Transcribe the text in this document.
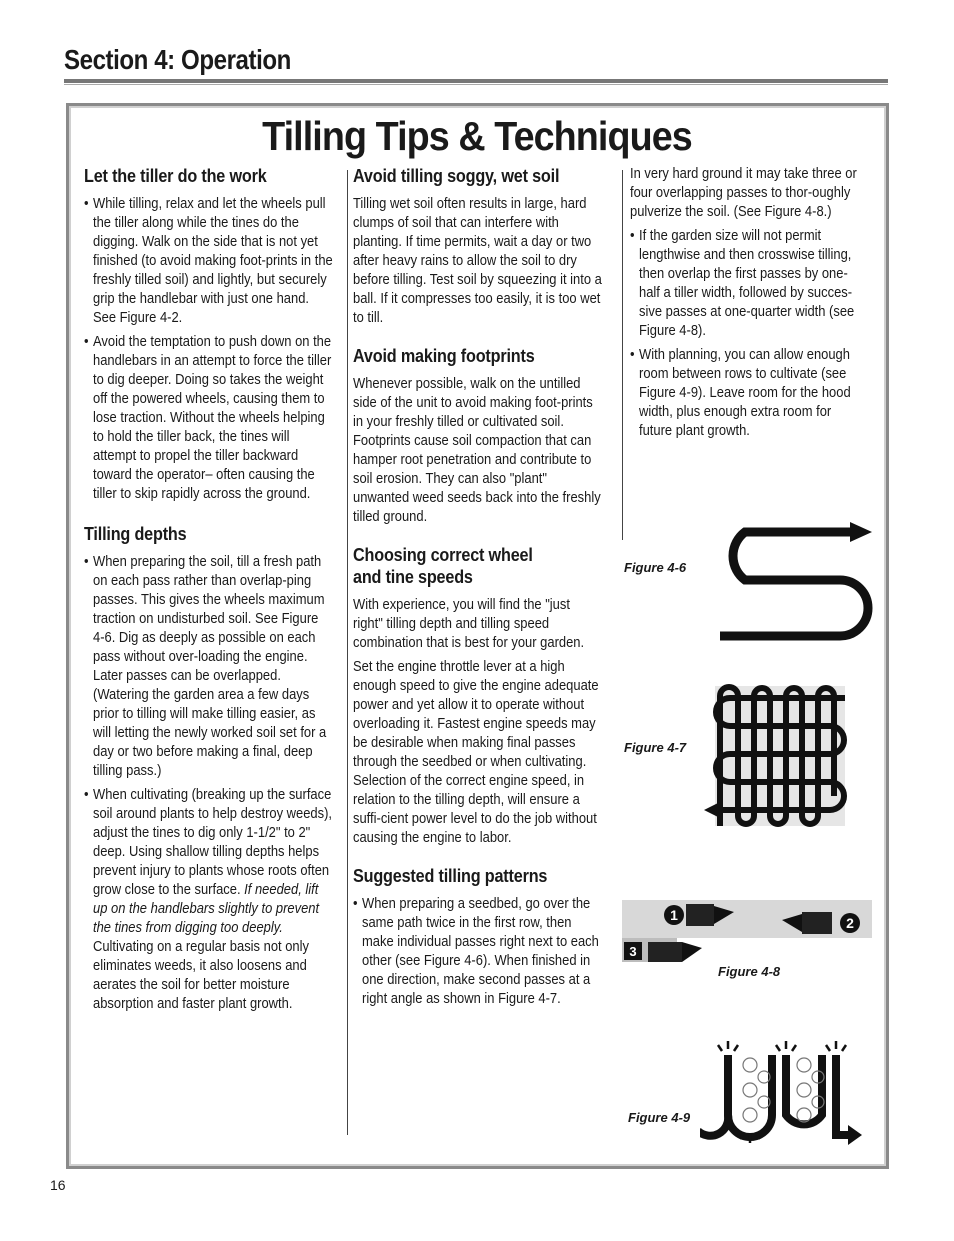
Section 4: Operation
Tilling Tips & Techniques
Let the tiller do the work
• While tilling, relax and let the wheels pull the tiller along while the tines do the digging. Walk on the side that is not yet finished (to avoid making foot-prints in the freshly tilled soil) and lightly, but securely grip the handlebar with just one hand. See Figure 4-2.
• Avoid the temptation to push down on the handlebars in an attempt to force the tiller to dig deeper. Doing so takes the weight off the powered wheels, causing them to lose traction. Without the wheels helping to hold the tiller back, the tines will attempt to propel the tiller backward toward the operator– often causing the tiller to skip rapidly across the ground.
Tilling depths
• When preparing the soil, till a fresh path on each pass rather than overlap-ping passes. This gives the wheels maximum traction on undisturbed soil. See Figure 4-6. Dig as deeply as possible on each pass without over-loading the engine. Later passes can be overlapped. (Watering the garden area a few days prior to tilling will make tilling easier, as will letting the newly worked soil set for a day or two before making a final, deep tilling pass.)
• When cultivating (breaking up the surface soil around plants to help destroy weeds), adjust the tines to dig only 1-1/2" to 2" deep. Using shallow tilling depths helps prevent injury to plants whose roots often grow close to the surface. If needed, lift up on the handlebars slightly to prevent the tines from digging too deeply. Cultivating on a regular basis not only eliminates weeds, it also loosens and aerates the soil for better moisture absorption and faster plant growth.
Avoid tilling soggy, wet soil

Tilling wet soil often results in large, hard clumps of soil that can interfere with planting. If time permits, wait a day or two after heavy rains to allow the soil to dry before tilling. Test soil by squeezing it into a ball. If it compresses too easily, it is too wet to till.

Avoid making footprints

Whenever possible, walk on the untilled side of the unit to avoid making foot-prints in your freshly tilled or cultivated soil. Footprints cause soil compaction that can hamper root penetration and contribute to soil erosion. They can also "plant" unwanted weed seeds back into the freshly tilled ground.

Choosing correct wheel and tine speeds

With experience, you will find the "just right" tilling depth and tilling speed combination that is best for your garden.

Set the engine throttle lever at a high enough speed to give the engine adequate power and yet allow it to operate without overloading it. Fastest engine speeds may be desirable when making final passes through the seedbed or when cultivating. Selection of the correct engine speed, in relation to the tilling depth, will ensure a suffi-cient power level to do the job without causing the engine to labor.

Suggested tilling patterns
• When preparing a seedbed, go over the same path twice in the first row, then make individual passes right next to each other (see Figure 4-6). When finished in one direction, make second passes at a right angle as shown in Figure 4-7.

In very hard ground it may take three or four overlapping passes to thor-oughly pulverize the soil. (See Figure 4-8.)

• If the garden size will not permit lengthwise and then crosswise tilling, then overlap the first passes by one-half a tiller width, followed by succes-sive passes at one-quarter width (see Figure 4-8).
• With planning, you can allow enough room between rows to cultivate (see Figure 4-9). Leave room for the hood width, plus enough extra room for future plant growth.
Figure 4-6
Figure 4-7
1	2
3
Figure 4-8
Figure 4-9
16
